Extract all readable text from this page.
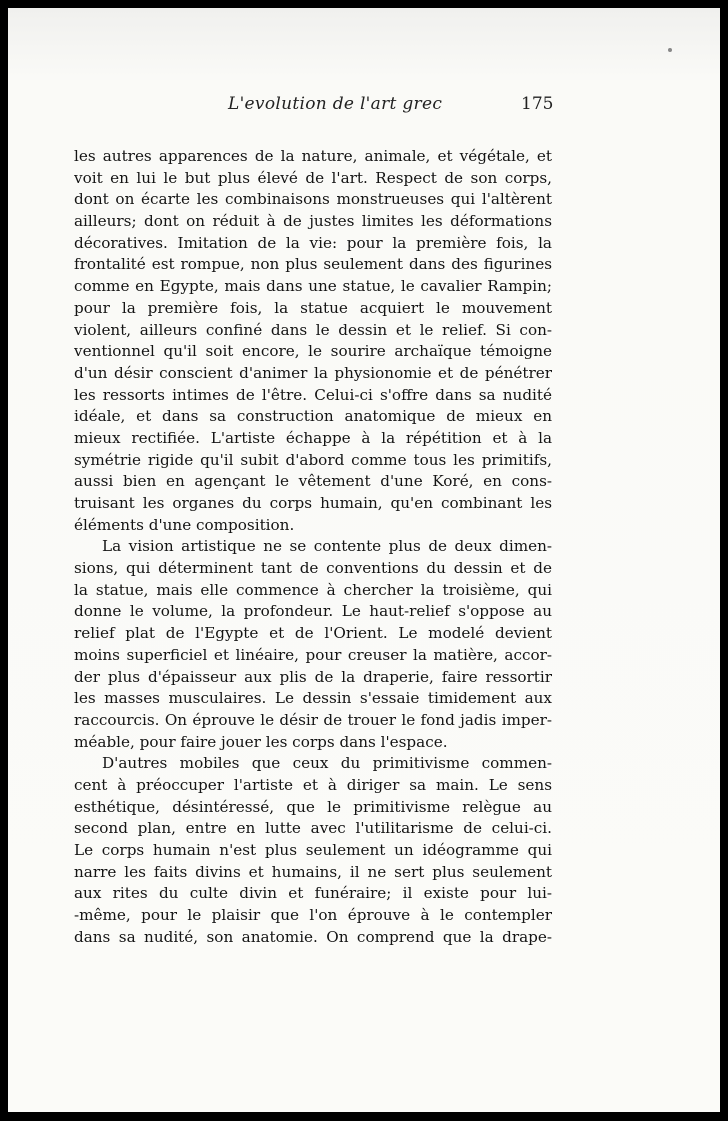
L'evolution de l'art grec	175
les autres apparences de la nature, animale, et végétale, et
voit en lui le but plus élevé de l'art. Respect de son corps,
dont on écarte les combinaisons monstrueuses qui l'altèrent
ailleurs; dont on réduit à de justes limites les déformations
décoratives. Imitation de la vie: pour la première fois, la
frontalité est rompue, non plus seulement dans des figurines
comme en Egypte, mais dans une statue, le cavalier Rampin;
pour la première fois, la statue acquiert le mouvement
violent, ailleurs confiné dans le dessin et le relief. Si con-
ventionnel qu'il soit encore, le sourire archaïque témoigne
d'un désir conscient d'animer la physionomie et de pénétrer
les ressorts intimes de l'être. Celui-ci s'offre dans sa nudité
idéale, et dans sa construction anatomique de mieux en
mieux rectifiée. L'artiste échappe à la répétition et à la
symétrie rigide qu'il subit d'abord comme tous les primitifs,
aussi bien en agençant le vêtement d'une Koré, en cons-
truisant les organes du corps humain, qu'en combinant les
éléments d'une composition.
La vision artistique ne se contente plus de deux dimen-
sions, qui déterminent tant de conventions du dessin et de
la statue, mais elle commence à chercher la troisième, qui
donne le volume, la profondeur. Le haut-relief s'oppose au
relief plat de l'Egypte et de l'Orient. Le modelé devient
moins superficiel et linéaire, pour creuser la matière, accor-
der plus d'épaisseur aux plis de la draperie, faire ressortir
les masses musculaires. Le dessin s'essaie timidement aux
raccourcis. On éprouve le désir de trouer le fond jadis imper-
méable, pour faire jouer les corps dans l'espace.
D'autres mobiles que ceux du primitivisme commen-
cent à préoccuper l'artiste et à diriger sa main. Le sens
esthétique, désintéressé, que le primitivisme relègue au
second plan, entre en lutte avec l'utilitarisme de celui-ci.
Le corps humain n'est plus seulement un idéogramme qui
narre les faits divins et humains, il ne sert plus seulement
aux rites du culte divin et funéraire; il existe pour lui-
-même, pour le plaisir que l'on éprouve à le contempler
dans sa nudité, son anatomie. On comprend que la drape-
